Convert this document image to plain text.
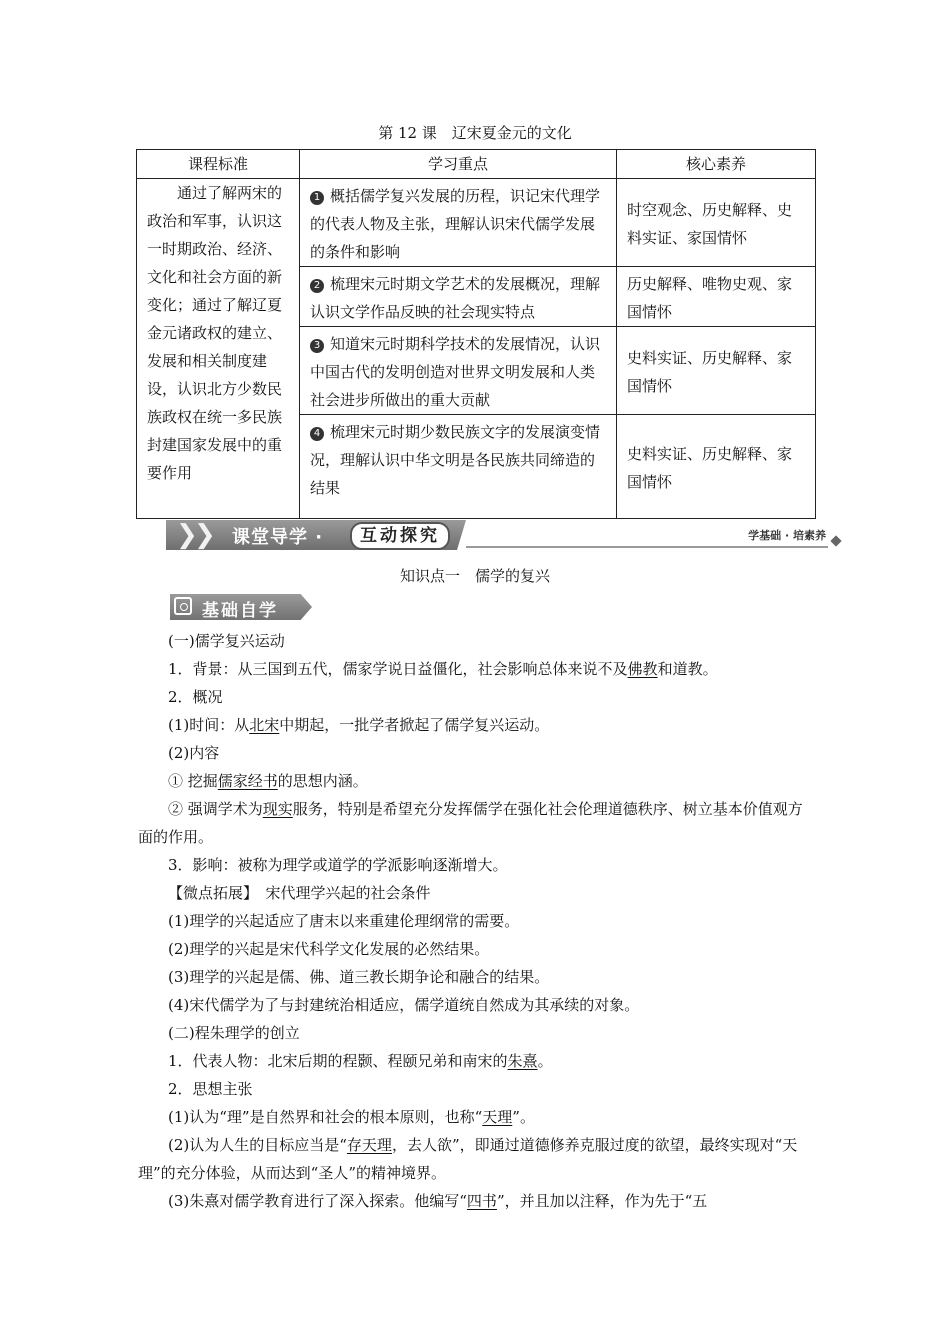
第 12 课　辽宋夏金元的文化
课程标准	学习重点	核心素养
通过了解两宋的政治和军事，认识这一时期政治、经济、文化和社会方面的新变化；通过了解辽夏金元诸政权的建立、发展和相关制度建设，认识北方少数民族政权在统一多民族封建国家发展中的重要作用	1 概括儒学复兴发展的历程，识记宋代理学的代表人物及主张，理解认识宋代儒学发展的条件和影响	时空观念、历史解释、史料实证、家国情怀
	2 梳理宋元时期文学艺术的发展概况，理解认识文学作品反映的社会现实特点	历史解释、唯物史观、家国情怀
	3 知道宋元时期科学技术的发展情况，认识中国古代的发明创造对世界文明发展和人类社会进步所做出的重大贡献	史料实证、历史解释、家国情怀
	4 梳理宋元时期少数民族文字的发展演变情况，理解认识中华文明是各民族共同缔造的结果	史料实证、历史解释、家国情怀
❯
❯ 课堂导学 ·	互动探究	学基础 · 培素养
知识点一　儒学的复兴
基础自学

(一)儒学复兴运动

1．背景：从三国到五代，儒家学说日益僵化，社会影响总体来说不及佛教和道教。

2．概况

(1)时间：从北宋中期起，一批学者掀起了儒学复兴运动。

(2)内容

① 挖掘儒家经书的思想内涵。

② 强调学术为现实服务，特别是希望充分发挥儒学在强化社会伦理道德秩序、树立基本价值观方面的作用。

3．影响：被称为理学或道学的学派影响逐渐增大。

【微点拓展】　宋代理学兴起的社会条件

(1)理学的兴起适应了唐末以来重建伦理纲常的需要。

(2)理学的兴起是宋代科学文化发展的必然结果。

(3)理学的兴起是儒、佛、道三教长期争论和融合的结果。

(4)宋代儒学为了与封建统治相适应，儒学道统自然成为其承续的对象。

(二)程朱理学的创立

1．代表人物：北宋后期的程颢、程颐兄弟和南宋的朱熹。

2．思想主张

(1)认为“理”是自然界和社会的根本原则，也称“天理”。

(2)认为人生的目标应当是“存天理，去人欲”，即通过道德修养克服过度的欲望，最终实现对“天理”的充分体验，从而达到“圣人”的精神境界。

(3)朱熹对儒学教育进行了深入探索。他编写“四书”，并且加以注释，作为先于“五
